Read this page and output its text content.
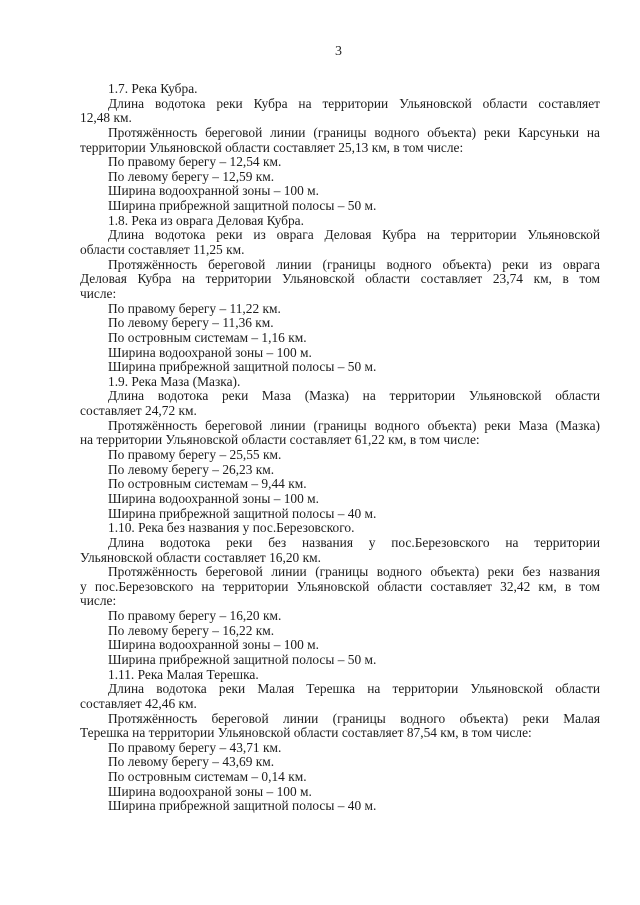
3
1.7. Река Кубра.
Длина водотока реки Кубра на территории Ульяновской области составляет
12,48 км.
Протяжённость береговой линии (границы водного объекта) реки Карсуньки на
территории Ульяновской области составляет 25,13 км, в том числе:
По правому берегу – 12,54 км.
По левому берегу – 12,59 км.
Ширина водоохранной зоны – 100 м.
Ширина прибрежной защитной полосы – 50 м.
1.8. Река из оврага Деловая Кубра.
Длина водотока реки из оврага Деловая Кубра на территории Ульяновской
области составляет 11,25 км.
Протяжённость береговой линии (границы водного объекта) реки из оврага
Деловая Кубра на территории Ульяновской области составляет 23,74 км, в том
числе:
По правому берегу – 11,22 км.
По левому берегу – 11,36 км.
По островным системам – 1,16 км.
Ширина водоохраной зоны – 100 м.
Ширина прибрежной защитной полосы – 50 м.
1.9. Река Маза (Мазка).
Длина водотока реки Маза (Мазка) на территории Ульяновской области
составляет 24,72 км.
Протяжённость береговой линии (границы водного объекта) реки Маза (Мазка)
на территории Ульяновской области составляет 61,22 км, в том числе:
По правому берегу – 25,55 км.
По левому берегу – 26,23 км.
По островным системам – 9,44 км.
Ширина водоохранной зоны – 100 м.
Ширина прибрежной защитной полосы – 40 м.
1.10. Река без названия у пос.Березовского.
Длина водотока реки без названия у пос.Березовского на территории
Ульяновской области составляет 16,20 км.
Протяжённость береговой линии (границы водного объекта) реки без названия
у пос.Березовского на территории Ульяновской области составляет 32,42 км, в том
числе:
По правому берегу – 16,20 км.
По левому берегу – 16,22 км.
Ширина водоохранной зоны – 100 м.
Ширина прибрежной защитной полосы – 50 м.
1.11. Река Малая Терешка.
Длина водотока реки Малая Терешка на территории Ульяновской области
составляет 42,46 км.
Протяжённость береговой линии (границы водного объекта) реки Малая
Терешка на территории Ульяновской области составляет 87,54 км, в том числе:
По правому берегу – 43,71 км.
По левому берегу – 43,69 км.
По островным системам – 0,14 км.
Ширина водоохраной зоны – 100 м.
Ширина прибрежной защитной полосы – 40 м.
